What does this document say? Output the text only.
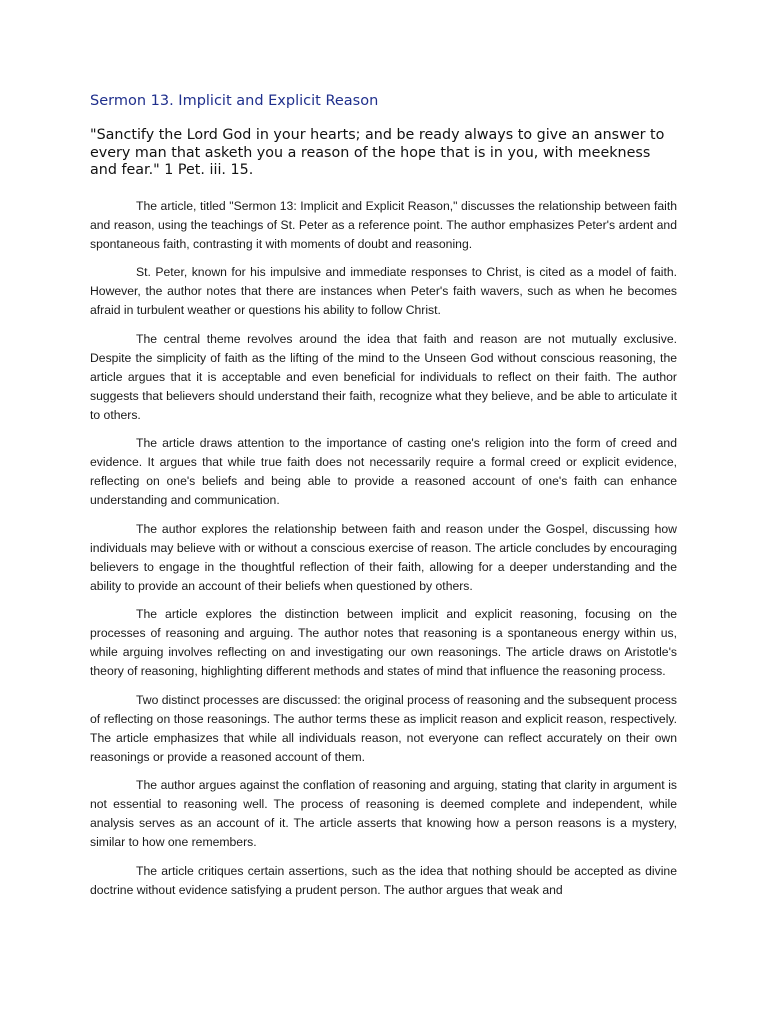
Sermon 13. Implicit and Explicit Reason
"Sanctify the Lord God in your hearts; and be ready always to give an answer to every man that asketh you a reason of the hope that is in you, with meekness and fear." 1 Pet. iii. 15.

The article, titled "Sermon 13: Implicit and Explicit Reason," discusses the relationship between faith and reason, using the teachings of St. Peter as a reference point. The author emphasizes Peter's ardent and spontaneous faith, contrasting it with moments of doubt and reasoning.

St. Peter, known for his impulsive and immediate responses to Christ, is cited as a model of faith. However, the author notes that there are instances when Peter's faith wavers, such as when he becomes afraid in turbulent weather or questions his ability to follow Christ.

The central theme revolves around the idea that faith and reason are not mutually exclusive. Despite the simplicity of faith as the lifting of the mind to the Unseen God without conscious reasoning, the article argues that it is acceptable and even beneficial for individuals to reflect on their faith. The author suggests that believers should understand their faith, recognize what they believe, and be able to articulate it to others.

The article draws attention to the importance of casting one's religion into the form of creed and evidence. It argues that while true faith does not necessarily require a formal creed or explicit evidence, reflecting on one's beliefs and being able to provide a reasoned account of one's faith can enhance understanding and communication.

The author explores the relationship between faith and reason under the Gospel, discussing how individuals may believe with or without a conscious exercise of reason. The article concludes by encouraging believers to engage in the thoughtful reflection of their faith, allowing for a deeper understanding and the ability to provide an account of their beliefs when questioned by others.

The article explores the distinction between implicit and explicit reasoning, focusing on the processes of reasoning and arguing. The author notes that reasoning is a spontaneous energy within us, while arguing involves reflecting on and investigating our own reasonings. The article draws on Aristotle's theory of reasoning, highlighting different methods and states of mind that influence the reasoning process.

Two distinct processes are discussed: the original process of reasoning and the subsequent process of reflecting on those reasonings. The author terms these as implicit reason and explicit reason, respectively. The article emphasizes that while all individuals reason, not everyone can reflect accurately on their own reasonings or provide a reasoned account of them.

The author argues against the conflation of reasoning and arguing, stating that clarity in argument is not essential to reasoning well. The process of reasoning is deemed complete and independent, while analysis serves as an account of it. The article asserts that knowing how a person reasons is a mystery, similar to how one remembers.

The article critiques certain assertions, such as the idea that nothing should be accepted as divine doctrine without evidence satisfying a prudent person. The author argues that weak and
